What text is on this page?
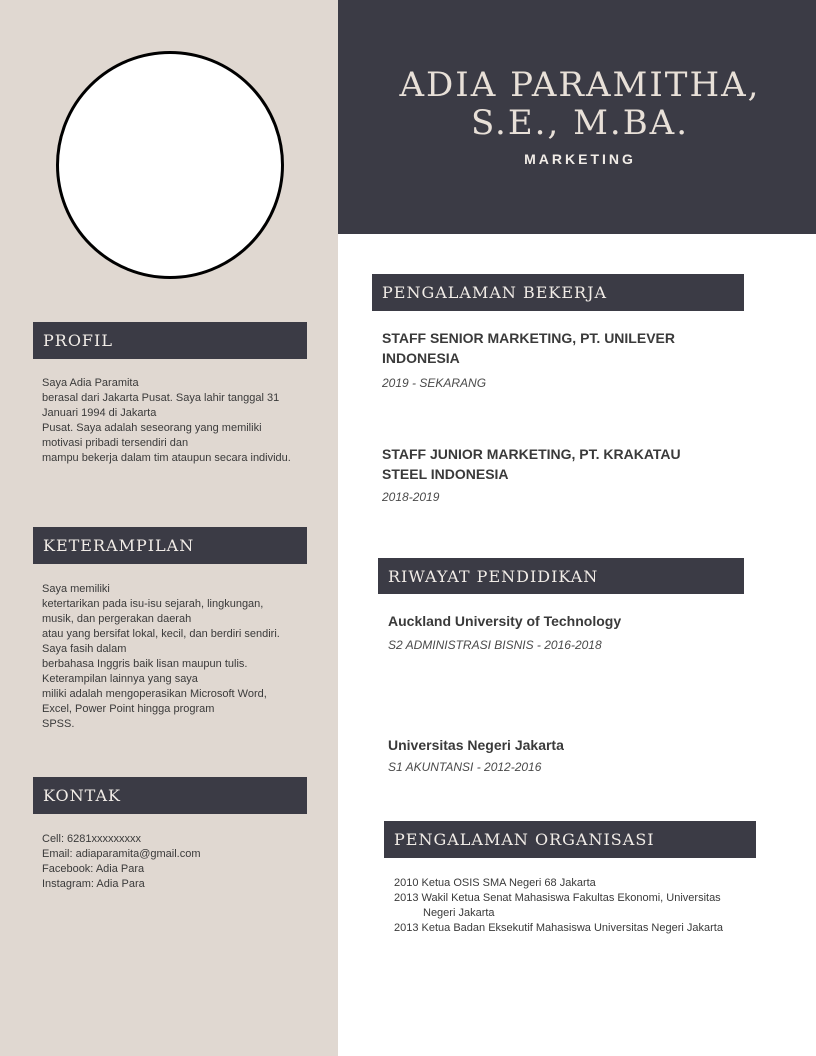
PROFIL
Saya Adia Paramita
berasal dari Jakarta Pusat. Saya lahir tanggal 31
Januari 1994 di Jakarta
Pusat. Saya adalah seseorang yang memiliki
motivasi pribadi tersendiri dan
mampu bekerja dalam tim ataupun secara individu.
KETERAMPILAN
Saya memiliki
ketertarikan pada isu-isu sejarah, lingkungan,
musik, dan pergerakan daerah
atau yang bersifat lokal, kecil, dan berdiri sendiri.
Saya fasih dalam
berbahasa Inggris baik lisan maupun tulis.
Keterampilan lainnya yang saya
miliki adalah mengoperasikan Microsoft Word,
Excel, Power Point hingga program
SPSS.
KONTAK
Cell: 6281xxxxxxxxx
Email: adiaparamita@gmail.com
Facebook: Adia Para
Instagram: Adia Para
ADIA PARAMITHA,
S.E., M.BA.
MARKETING
PENGALAMAN BEKERJA
STAFF SENIOR MARKETING, PT. UNILEVER
INDONESIA
2019 - SEKARANG
STAFF JUNIOR MARKETING, PT. KRAKATAU
STEEL INDONESIA
2018-2019
RIWAYAT PENDIDIKAN
Auckland University of Technology
S2 ADMINISTRASI BISNIS - 2016-2018
Universitas Negeri Jakarta
S1 AKUNTANSI - 2012-2016
PENGALAMAN ORGANISASI
2010 Ketua OSIS SMA Negeri 68 Jakarta
2013 Wakil Ketua Senat Mahasiswa Fakultas Ekonomi, Universitas Negeri Jakarta
2013 Ketua Badan Eksekutif Mahasiswa Universitas Negeri Jakarta
